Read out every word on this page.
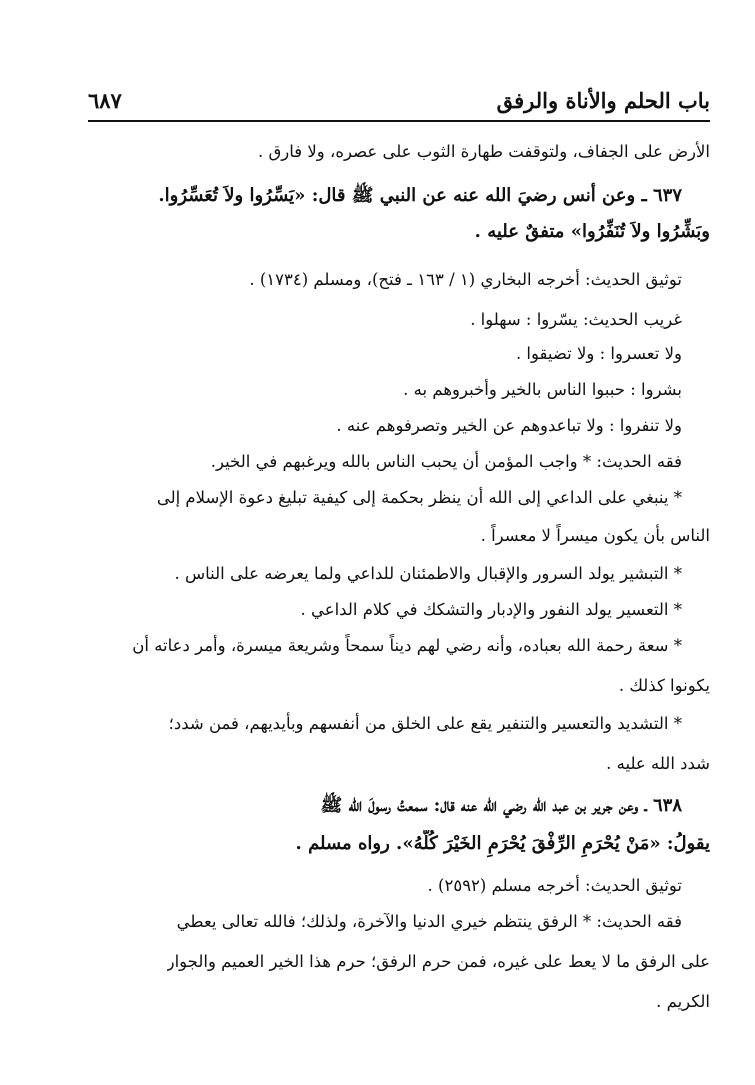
باب الحلم والأناة والرفق
٦٨٧
الأرض على الجفاف، ولتوقفت طهارة الثوب على عصره، ولا فارق .
٦٣٧ ـ وعن أنس رضيَ الله عنه عن النبي ﷺ قال: «يَسِّرُوا ولاَ تُعَسِّرُوا.
وبَشِّرُوا ولاَ تُنَفِّرُوا» متفقٌ عليه .
توثيق الحديث: أخرجه البخاري (١ / ١٦٣ ـ فتح)، ومسلم (١٧٣٤) .
غريب الحديث: يسّروا : سهلوا .
ولا تعسروا : ولا تضيقوا .
بشروا : حببوا الناس بالخير وأخبروهم به .
ولا تنفروا : ولا تباعدوهم عن الخير وتصرفوهم عنه .
فقه الحديث: * واجب المؤمن أن يحبب الناس بالله ويرغبهم في الخير.
* ينبغي على الداعي إلى الله أن ينظر بحكمة إلى كيفية تبليغ دعوة الإسلام إلى
الناس بأن يكون ميسراً لا معسراً .
* التبشير يولد السرور والإقبال والاطمئنان للداعي ولما يعرضه على الناس .
* التعسير يولد النفور والإدبار والتشكك في كلام الداعي .
* سعة رحمة الله بعباده، وأنه رضي لهم ديناً سمحاً وشريعة ميسرة، وأمر دعاته أن
يكونوا كذلك .
* التشديد والتعسير والتنفير يقع على الخلق من أنفسهم وبأيديهم، فمن شدد؛
شدد الله عليه .
٦٣٨ ـ وعن جرير بن عبد الله رضي الله عنه قال: سمعتُ رسولَ الله ﷺ
يقولُ: «مَنْ يُحْرَمِ الرِّفْقَ يُحْرَمِ الخَيْرَ كُلَّهُ». رواه مسلم .
توثيق الحديث: أخرجه مسلم (٢٥٩٢) .
فقه الحديث: * الرفق ينتظم خيري الدنيا والآخرة، ولذلك؛ فالله تعالى يعطي
على الرفق ما لا يعط على غيره، فمن حرم الرفق؛ حرم هذا الخير العميم والجوار
الكريم .
